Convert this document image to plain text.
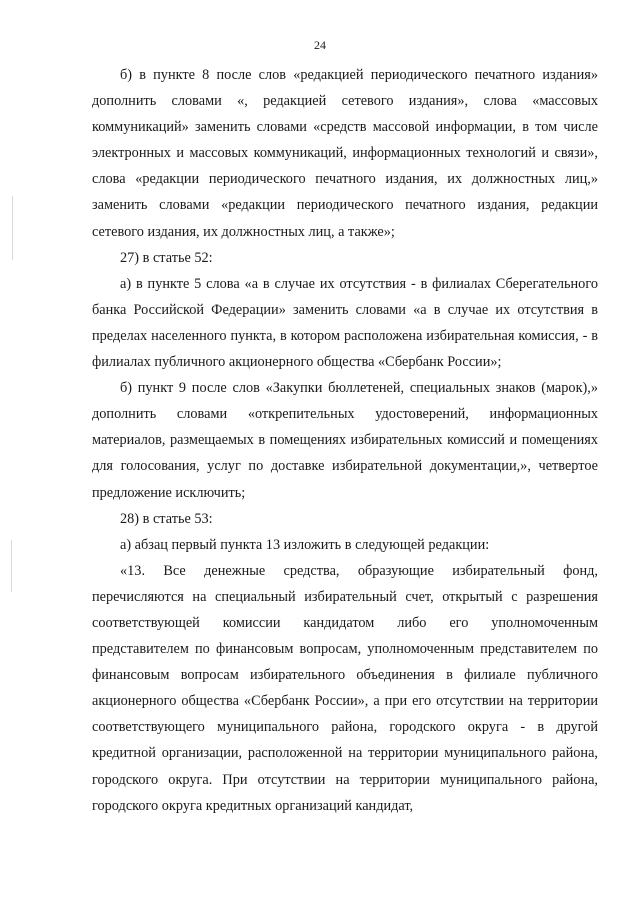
24

б) в пункте 8 после слов «редакцией периодического печатного издания» дополнить словами «, редакцией сетевого издания», слова «массовых коммуникаций» заменить словами «средств массовой информации, в том числе электронных и массовых коммуникаций, информационных технологий и связи», слова «редакции периодического печатного издания, их должностных лиц,» заменить словами «редакции периодического печатного издания, редакции сетевого издания, их должностных лиц, а также»;

27) в статье 52:

а) в пункте 5 слова «а в случае их отсутствия - в филиалах Сберегательного банка Российской Федерации» заменить словами «а в случае их отсутствия в пределах населенного пункта, в котором расположена избирательная комиссия, - в филиалах публичного акционерного общества «Сбербанк России»;

б) пункт 9 после слов «Закупки бюллетеней, специальных знаков (марок),» дополнить словами «открепительных удостоверений, информационных материалов, размещаемых в помещениях избирательных комиссий и помещениях для голосования, услуг по доставке избирательной документации,», четвертое предложение исключить;

28) в статье 53:

а) абзац первый пункта 13 изложить в следующей редакции:

«13. Все денежные средства, образующие избирательный фонд, перечисляются на специальный избирательный счет, открытый с разрешения соответствующей комиссии кандидатом либо его уполномоченным представителем по финансовым вопросам, уполномоченным представителем по финансовым вопросам избирательного объединения в филиале публичного акционерного общества «Сбербанк России», а при его отсутствии на территории соответствующего муниципального района, городского округа - в другой кредитной организации, расположенной на территории муниципального района, городского округа. При отсутствии на территории муниципального района, городского округа кредитных организаций кандидат,
